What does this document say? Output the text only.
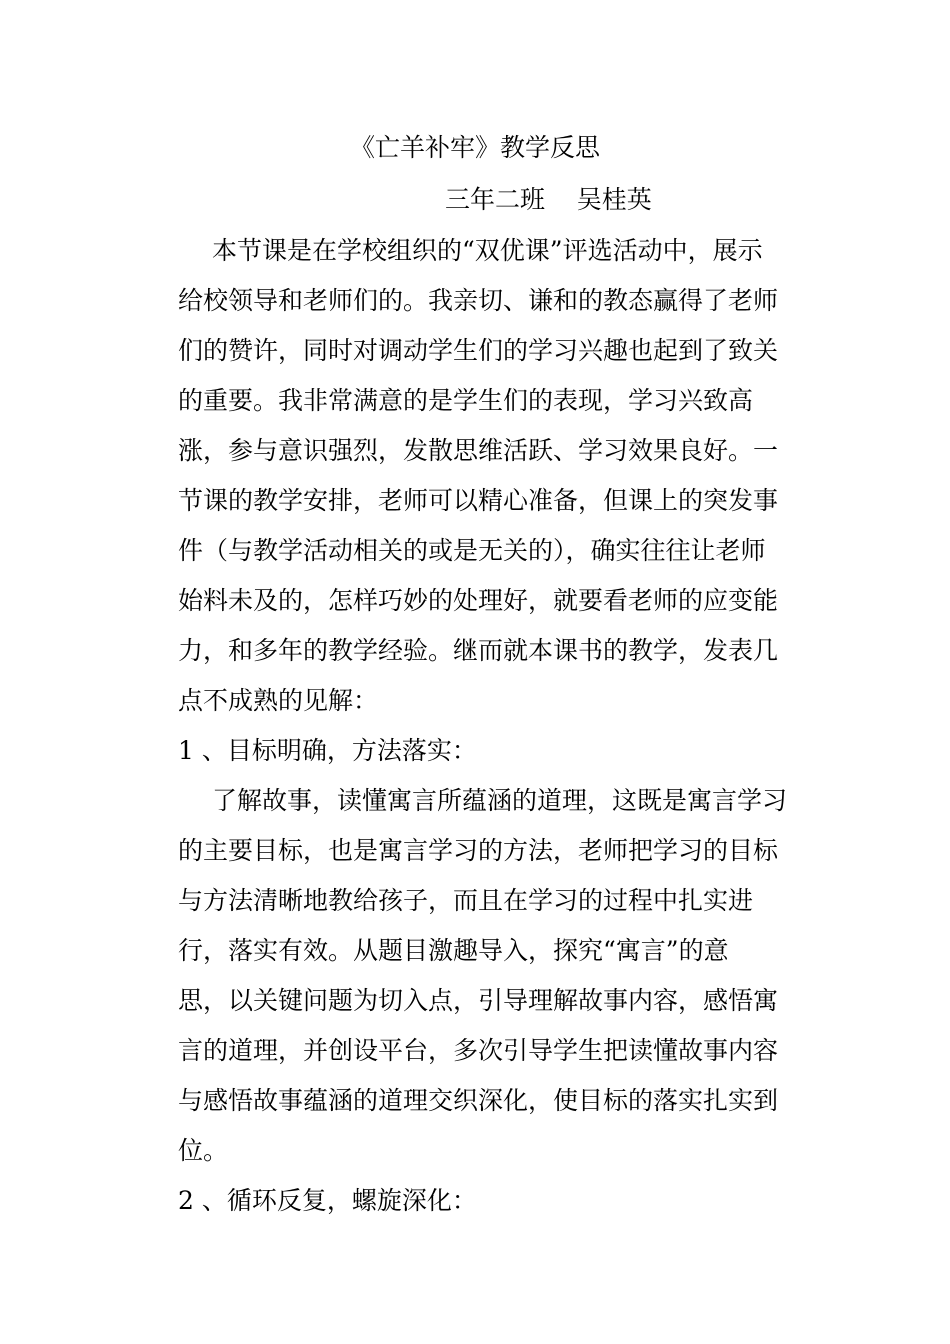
《亡羊补牢》教学反思
三年二班    吴桂英
本节课是在学校组织的“双优课”评选活动中，展示
给校领导和老师们的。我亲切、谦和的教态赢得了老师
们的赞许，同时对调动学生们的学习兴趣也起到了致关
的重要。我非常满意的是学生们的表现，学习兴致高
涨，参与意识强烈，发散思维活跃、学习效果良好。一
节课的教学安排，老师可以精心准备，但课上的突发事
件（与教学活动相关的或是无关的），确实往往让老师
始料未及的，怎样巧妙的处理好，就要看老师的应变能
力，和多年的教学经验。继而就本课书的教学，发表几
点不成熟的见解：
1 、目标明确，方法落实：
了解故事，读懂寓言所蕴涵的道理，这既是寓言学习
的主要目标，也是寓言学习的方法，老师把学习的目标
与方法清晰地教给孩子，而且在学习的过程中扎实进
行，落实有效。从题目激趣导入，探究“寓言”的意
思，以关键问题为切入点，引导理解故事内容，感悟寓
言的道理，并创设平台，多次引导学生把读懂故事内容
与感悟故事蕴涵的道理交织深化，使目标的落实扎实到
位。
2 、循环反复，螺旋深化：
